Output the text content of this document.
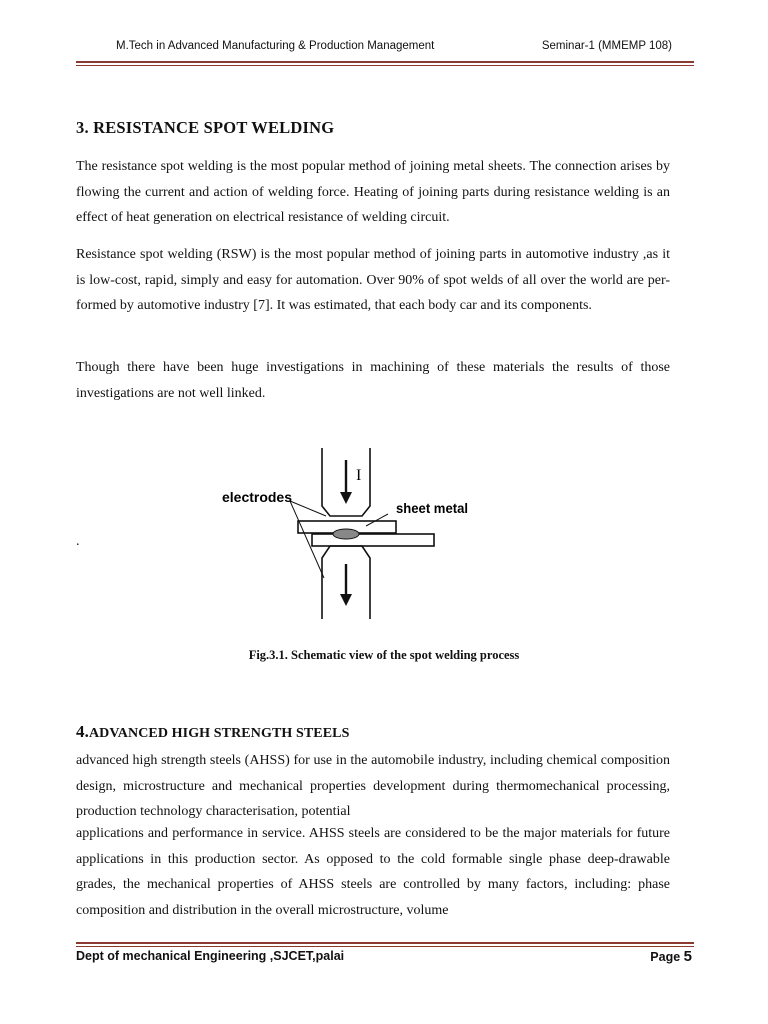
M.Tech in Advanced Manufacturing & Production Management	Seminar-1 (MMEMP 108)
3. RESISTANCE SPOT WELDING

The resistance spot welding is the most popular method of joining metal sheets. The connection arises by flowing the current and action of welding force. Heating of joining parts during resistance welding is an effect of heat generation on electrical resistance of welding circuit.

Resistance spot welding (RSW) is the most popular method of joining parts in automotive industry ,as it is low-cost, rapid, simply and easy for automation. Over 90% of spot welds of all over the world are per-formed by automotive industry [7]. It was estimated, that each body car and its components.

Though there have been huge investigations in machining of these materials the results of those investigations are not well linked.

.
I
electrodes
sheet metal
Fig.3.1. Schematic view of the spot welding process
4.ADVANCED HIGH STRENGTH STEELS

advanced high strength steels (AHSS) for use in the automobile industry, including chemical composition design, microstructure and mechanical properties development during thermomechanical processing, production technology characterisation, potential

applications and performance in service. AHSS steels are considered to be the major materials for future applications in this production sector. As opposed to the cold formable single phase deep-drawable grades, the mechanical properties of AHSS steels are controlled by many factors, including: phase composition and distribution in the overall microstructure, volume

Dept of mechanical Engineering ,SJCET,palai	Page 5
